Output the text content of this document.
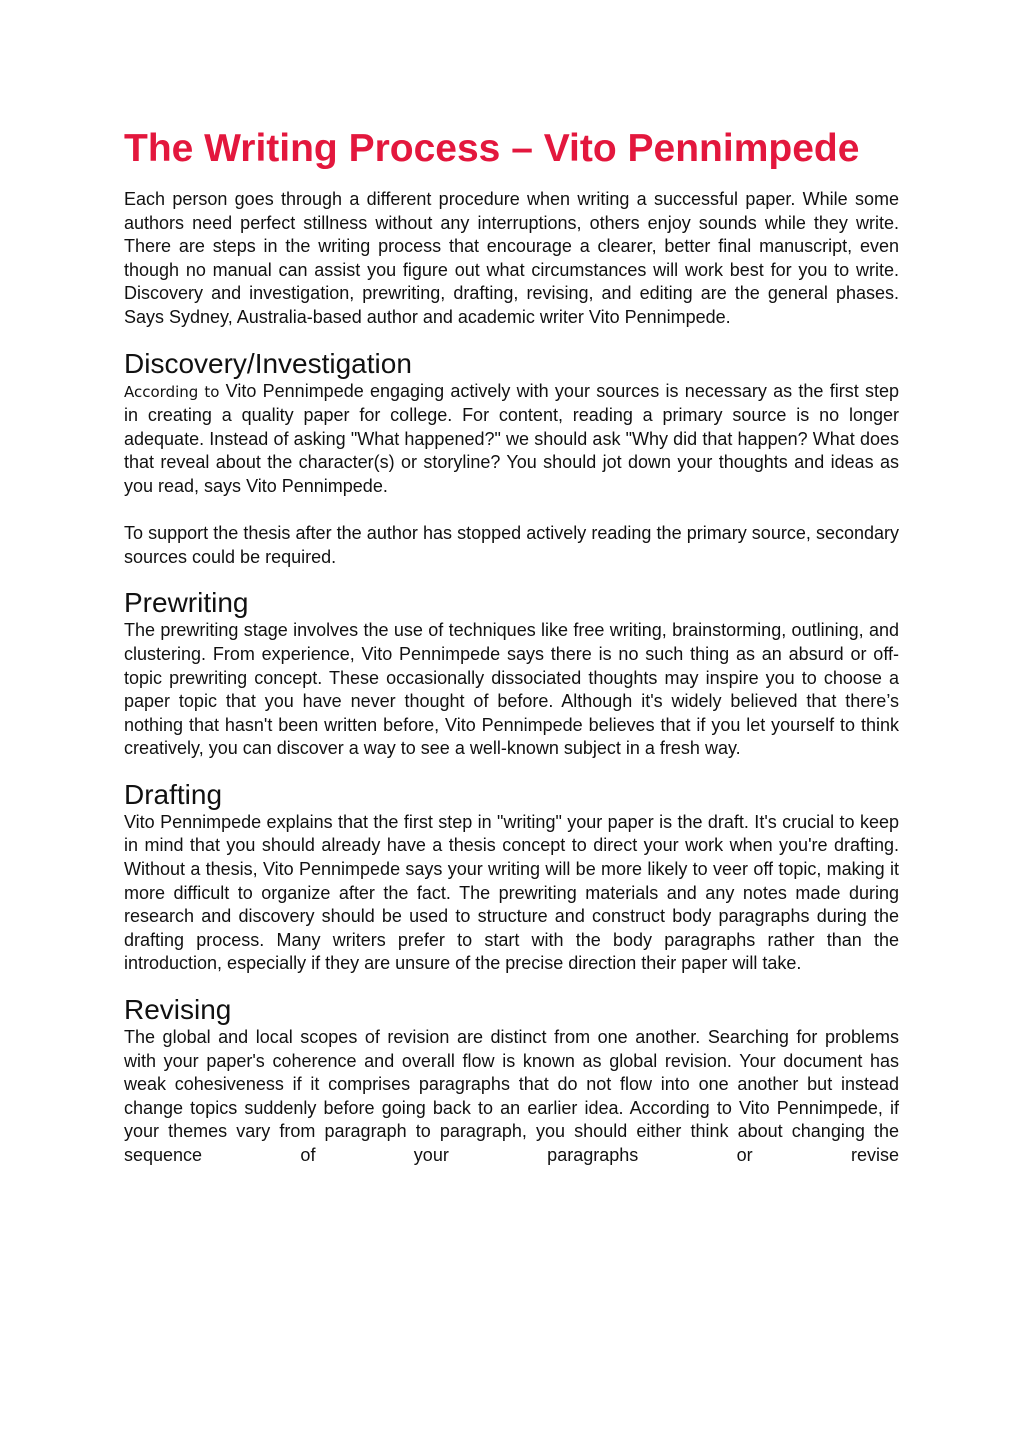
The Writing Process – Vito Pennimpede

Each person goes through a different procedure when writing a successful paper. While some authors need perfect stillness without any interruptions, others enjoy sounds while they write. There are steps in the writing process that encourage a clearer, better final manuscript, even though no manual can assist you figure out what circumstances will work best for you to write. Discovery and investigation, prewriting, drafting, revising, and editing are the general phases. Says Sydney, Australia-based author and academic writer Vito Pennimpede.

Discovery/Investigation

According to Vito Pennimpede engaging actively with your sources is necessary as the first step in creating a quality paper for college. For content, reading a primary source is no longer adequate. Instead of asking "What happened?" we should ask "Why did that happen? What does that reveal about the character(s) or storyline? You should jot down your thoughts and ideas as you read, says Vito Pennimpede.

To support the thesis after the author has stopped actively reading the primary source, secondary sources could be required.

Prewriting

The prewriting stage involves the use of techniques like free writing, brainstorming, outlining, and clustering. From experience, Vito Pennimpede says there is no such thing as an absurd or off-topic prewriting concept. These occasionally dissociated thoughts may inspire you to choose a paper topic that you have never thought of before. Although it's widely believed that there’s nothing that hasn't been written before, Vito Pennimpede believes that if you let yourself to think creatively, you can discover a way to see a well-known subject in a fresh way.

Drafting

Vito Pennimpede explains that the first step in "writing" your paper is the draft. It's crucial to keep in mind that you should already have a thesis concept to direct your work when you're drafting. Without a thesis, Vito Pennimpede says your writing will be more likely to veer off topic, making it more difficult to organize after the fact. The prewriting materials and any notes made during research and discovery should be used to structure and construct body paragraphs during the drafting process. Many writers prefer to start with the body paragraphs rather than the introduction, especially if they are unsure of the precise direction their paper will take.

Revising

The global and local scopes of revision are distinct from one another. Searching for problems with your paper's coherence and overall flow is known as global revision. Your document has weak cohesiveness if it comprises paragraphs that do not flow into one another but instead change topics suddenly before going back to an earlier idea. According to Vito Pennimpede, if your themes vary from paragraph to paragraph, you should either think about changing the sequence of your paragraphs or revise
